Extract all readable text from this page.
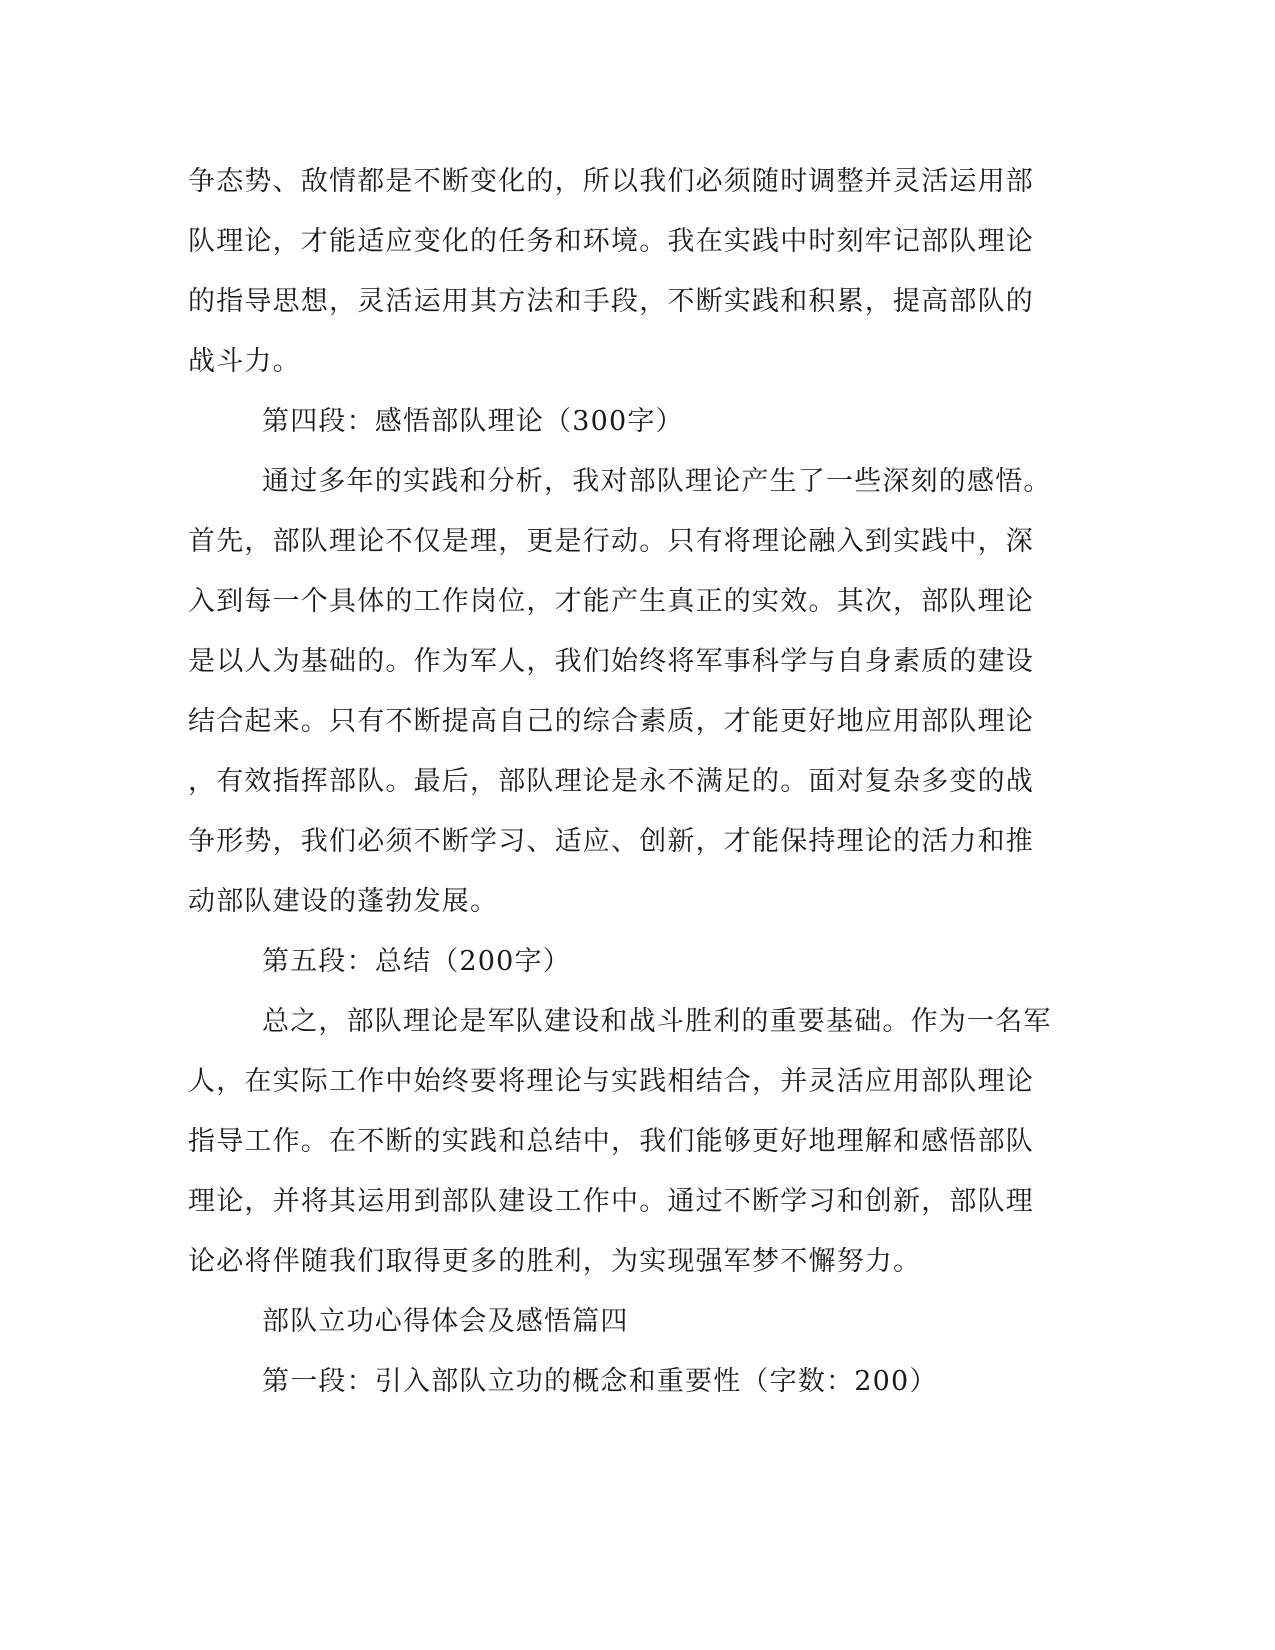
争态势、敌情都是不断变化的，所以我们必须随时调整并灵活运用部
队理论，才能适应变化的任务和环境。我在实践中时刻牢记部队理论
的指导思想，灵活运用其方法和手段，不断实践和积累，提高部队的
战斗力。
第四段：感悟部队理论（300字）
通过多年的实践和分析，我对部队理论产生了一些深刻的感悟。
首先，部队理论不仅是理，更是行动。只有将理论融入到实践中，深
入到每一个具体的工作岗位，才能产生真正的实效。其次，部队理论
是以人为基础的。作为军人，我们始终将军事科学与自身素质的建设
结合起来。只有不断提高自己的综合素质，才能更好地应用部队理论
，有效指挥部队。最后，部队理论是永不满足的。面对复杂多变的战
争形势，我们必须不断学习、适应、创新，才能保持理论的活力和推
动部队建设的蓬勃发展。
第五段：总结（200字）
总之，部队理论是军队建设和战斗胜利的重要基础。作为一名军
人，在实际工作中始终要将理论与实践相结合，并灵活应用部队理论
指导工作。在不断的实践和总结中，我们能够更好地理解和感悟部队
理论，并将其运用到部队建设工作中。通过不断学习和创新，部队理
论必将伴随我们取得更多的胜利，为实现强军梦不懈努力。
部队立功心得体会及感悟篇四
第一段：引入部队立功的概念和重要性（字数：200）
